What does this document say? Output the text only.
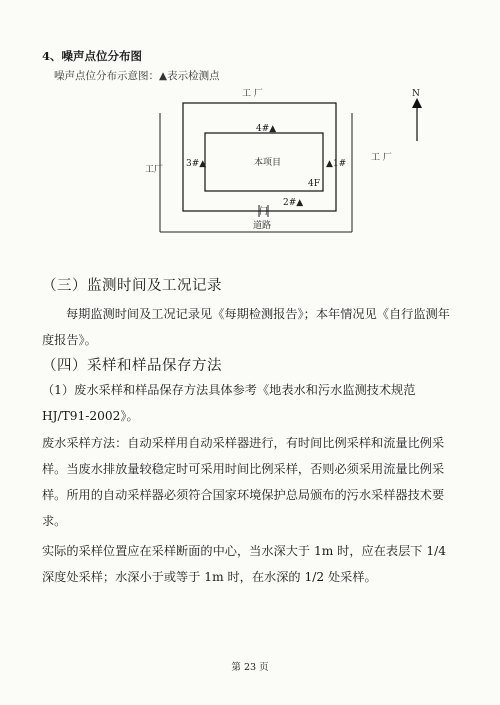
4、噪声点位分布图
噪声点位分布示意图：▲表示检测点
工 厂
工厂
工 厂
本项目
N
4#▲
3#▲	▲1#
4F
2#▲
门
道路
（三）监测时间及工况记录
每期监测时间及工况记录见《每期检测报告》；本年情况见《自行监测年度报告》。
（四）采样和样品保存方法
（1）废水采样和样品保存方法具体参考《地表水和污水监测技术规范HJ/T91-2002》。
废水采样方法：自动采样用自动采样器进行，有时间比例采样和流量比例采样。当废水排放量较稳定时可采用时间比例采样，否则必须采用流量比例采样。所用的自动采样器必须符合国家环境保护总局颁布的污水采样器技术要求。
实际的采样位置应在采样断面的中心，当水深大于 1m 时，应在表层下 1/4 深度处采样；水深小于或等于 1m 时，在水深的 1/2 处采样。
第 23 页
